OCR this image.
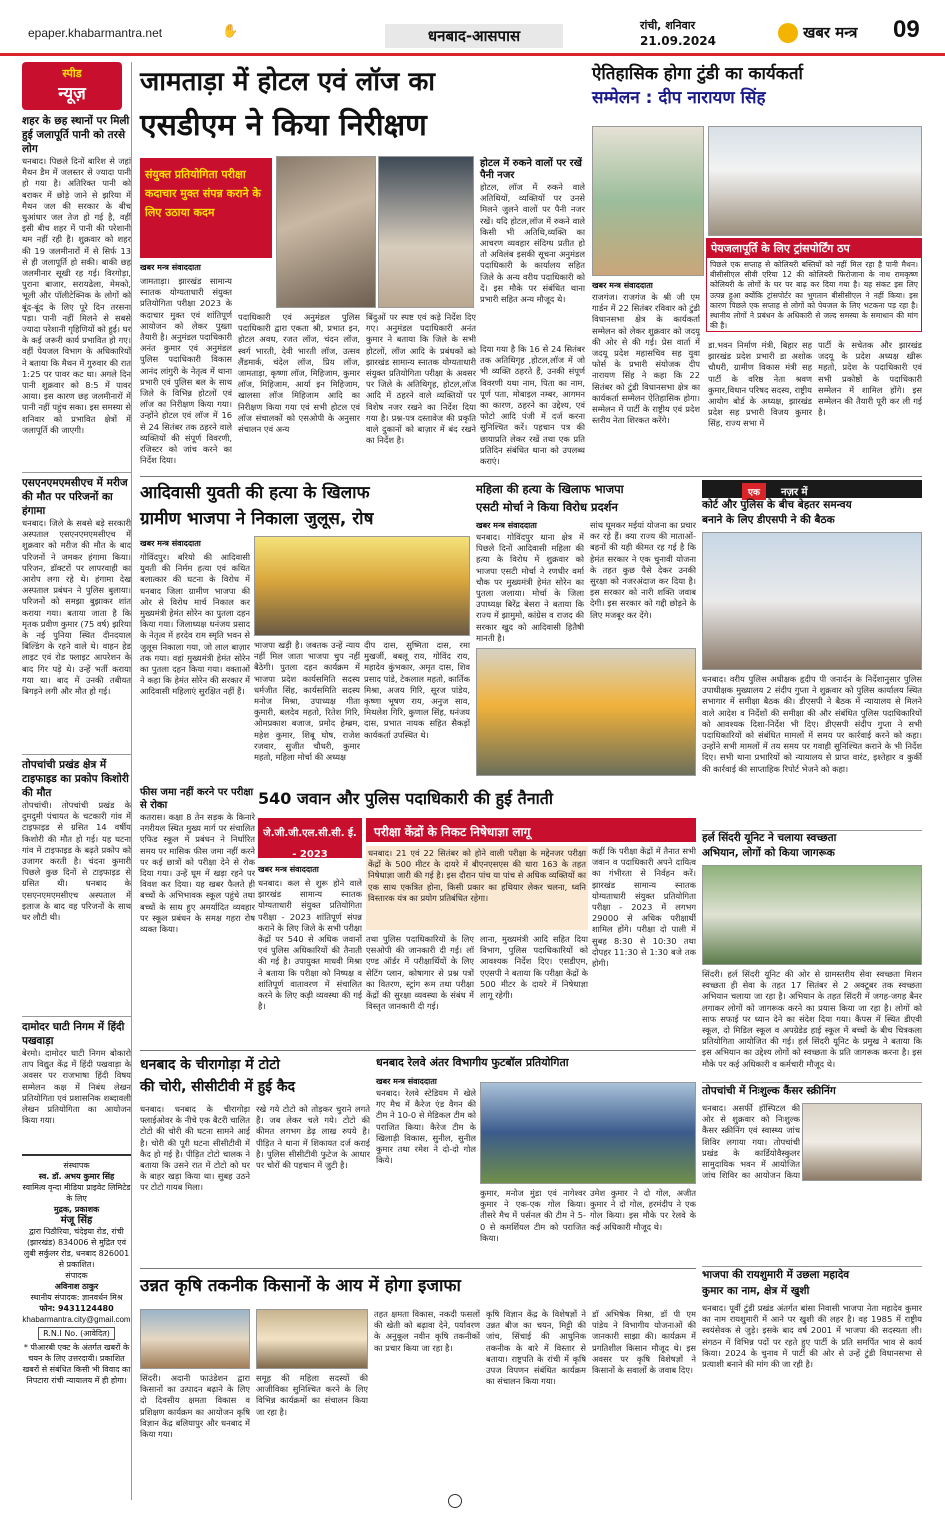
epaper.khabarmantra.net	✋	धनबाद-आसपास
रांची, शनिवार
21.09.2024	खबर मन्त्र 09
स्पीड
न्यूज़
शहर के छह स्थानों पर मिली हुई जलापूर्ति पानी को तरसे लोग
धनबाद। पिछले दिनों बारिश से जहां मैथन डैम में जलस्तर से ज्यादा पानी हो गया है। अतिरिक्त पानी को बराकर में छोड़े जाने से झरिया में मैथन जल की सरकार के बीच धुआंधार जल तेज हो गई है, वहीं इसी बीच शहर में पानी की परेशानी थम नहीं रही है। शुक्रवार को शहर की 19 जलमीनारों में से सिर्फ 13 से ही जलापूर्ति हो सकी। बाकी छह जलमीनार सूखी रह गई। विरगोड़ा, पुराना बाजार, सरायढेला, मेमको, भूली और पॉलीटेक्निक के लोगों को बूंद-बूंद के लिए पूरे दिन तरसना पड़ा। पानी नहीं मिलने से सबसे ज्यादा परेशानी गृहिणियों को हुई। घर के कई जरूरी कार्य प्रभावित हो गए। वहीं पेयजल विभाग के अधिकारियों ने बताया कि मैथन में गुरुवार की रात 1:25 पर पावर कट था। अगले दिन पानी शुक्रवार को 8:5 में पावर आया। इस कारण छह जलमीनारों में पानी नहीं पहुंच सका। इस समस्या से शनिवार को प्रभावित क्षेत्रों में जलापूर्ति की जाएगी।
एसएनएमएमसीएच में मरीज की मौत पर परिजनों का हंगामा
धनबाद। जिले के सबसे बड़े सरकारी अस्पताल एसएनएमएमसीएच में शुक्रवार को मरीज की मौत के बाद परिजनों ने जमकर हंगामा किया। परिजन, डॉक्टरों पर लापरवाही का आरोप लगा रहे थे। हंगामा देख अस्पताल प्रबंधन ने पुलिस बुलाया। परिजनों को समझा बुझाकर शांत कराया गया। बताया जाता है कि मृतक प्रवीण कुमार (75 वर्ष) झरिया के नई पुनिया स्थित दीनदयाल बिल्डिंग के रहने वाले थे। वाहन हेड लाइट एवं रोड फ्लाइट आपरेशन के बाद गिर पड़े थे। उन्हें भर्ती कराया गया था। बाद में उनकी तबीयत बिगड़ने लगी और मौत हो गई।
तोपचांची प्रखंड क्षेत्र में टाइफाइड का प्रकोप किशोरी की मौत
तोपचांची। तोपचांची प्रखंड के दुमदुमी पंचायत के चटकारी गांव में टाइफाइड से ग्रसित 14 वर्षीय किशोरी की मौत हो गई। यह घटना गांव में टाइफाइड के बढ़ते प्रकोप को उजागर करती है। चंदना कुमारी पिछले कुछ दिनों से टाइफाइड से ग्रसित थी। धनबाद के एसएनएमएमसीएच अस्पताल में इलाज के बाद वह परिजनों के साथ घर लौटी थी।
दामोदर घाटी निगम में हिंदी पखवाड़ा
बेरमो। दामोदर घाटी निगम बोकारो ताप विद्युत केंद्र में हिंदी पखवाड़ा के अवसर पर राजभाषा हिंदी विषय सम्मेलन कक्ष में निबंध लेखन प्रतियोगिता एवं प्रशासनिक शब्दावली लेखन प्रतियोगिता का आयोजन किया गया।
संस्थापक
स्व. डॉ. अभय कुमार सिंह
स्वामित्व वृन्दा मीडिया प्राइवेट लिमिटेड के लिए
मुद्रक, प्रकाशक
मंजू सिंह
द्वारा पिठौरिया, चंदेइया रोड, रांची (झारखंड) 834006 से मुद्रित एवं लुबी सर्कुलर रोड, धनबाद 826001 से प्रकाशित।
संपादक
अविनाश ठाकुर
स्थानीय संपादक: ज्ञानवर्धन मिश्र
फोन: 9431124480
khabarmantra.city@gmail.com
R.N.I No. (आवेदित)
* पीआरबी एक्ट के अंतर्गत खबरों के चयन के लिए उत्तरदायी। प्रकाशित खबरों से संबंधित किसी भी विवाद का निपटारा रांची न्यायालय में ही होगा।
जामताड़ा में होटल एवं लॉज का
एसडीएम ने किया निरीक्षण
संयुक्त प्रतियोगिता परीक्षा कदाचार मुक्त संपन्न कराने के लिए उठाया कदम
होटल में रुकने वालों पर रखें पैनी नजर
होटल, लॉज में रुकने वाले अतिथियों, व्यक्तियों पर उनसे मिलने जुलने वालों पर पैनी नजर रखें। यदि होटल,लॉज में रुकने वाले किसी भी अतिथि,व्यक्ति का आचरण व्यवहार संदिग्ध प्रतीत हो तो अविलंब इसकी सूचना अनुमंडल पदाधिकारी के कार्यालय सहित जिले के अन्य वरीय पदाधिकारी को दें। इस मौके पर संबंधित थाना प्रभारी सहित अन्य मौजूद थे।
खबर मन्त्र संवाददाता
जामताड़ा। झारखंड सामान्य स्नातक योग्यताधारी संयुक्त प्रतियोगिता परीक्षा 2023 के कदाचार मुक्त एवं शांतिपूर्ण आयोजन को लेकर पुख्ता तैयारी है। अनुमंडल पदाधिकारी अनंत कुमार एवं अनुमंडल पुलिस पदाधिकारी विकास आनंद लांगुरी के नेतृत्व में थाना प्रभारी एवं पुलिस बल के साथ जिले के विभिन्न होटलों एवं लॉज का निरीक्षण किया गया। उन्होंने होटल एवं लॉज में 16 से 24 सितंबर तक ठहरने वाले व्यक्तियों की संपूर्ण विवरणी, रजिस्टर को जांच करने का निर्देश दिया।
पदाधिकारी एवं अनुमंडल पुलिस पदाधिकारी द्वारा एकता श्री, प्रभात इन, होटल अवध, रजत लॉज, चंदन लॉज, स्वर्ग भारती, देवी भारती लॉज, उत्सव लैंडमार्क, चंदेल लॉज, प्रिय लॉज, जामताड़ा, कृष्णा लॉज, मिहिजाम, कुमार लॉज, मिहिजाम, आर्या इन मिहिजाम, खालसा लॉज मिहिजाम आदि का निरीक्षण किया गया एवं सभी होटल एवं लॉज संचालकों को एसओपी के अनुसार संचालन एवं अन्य
बिंदुओं पर स्पष्ट एवं कड़े निर्देश दिए गए। अनुमंडल पदाधिकारी अनंत कुमार ने बताया कि जिले के सभी होटलों, लॉज आदि के प्रबंधकों को झारखंड सामान्य स्नातक योग्यताधारी संयुक्त प्रतियोगिता परीक्षा के अवसर पर जिले के अतिथिगृह, होटल,लॉज आदि में ठहरने वाले व्यक्तियों पर विशेष नजर रखने का निर्देश दिया गया है। प्रश्न-पत्र दस्तावेज की प्रकृति वाले दुकानों को बाज़ार में बंद रखने का निर्देश है।
दिया गया है कि 16 से 24 सितंबर तक अतिथिगृह ,होटल,लॉज में जो भी व्यक्ति ठहरते हैं, उनकी संपूर्ण विवरणी यथा नाम, पिता का नाम, पूर्ण पता, मोबाइल नम्बर, आगमन का कारण, ठहरने का उद्देश्य, एवं फोटो आदि पंजी में दर्ज करना सुनिश्चित करें। पहचान पत्र की छायाप्रति लेकर रखें तथा एक प्रति प्रतिदिन संबंधित थाना को उपलब्ध कराएं।
ऐतिहासिक होगा टुंडी का कार्यकर्ता
सम्मेलन : दीप नारायण सिंह
खबर मन्त्र संवाददाता
राजगंज। राजगंज के श्री जी एम गार्डन में 22 सितंबर रविवार को टुंडी विधानसभा क्षेत्र के कार्यकर्ता सम्मेलन को लेकर शुक्रवार को जदयू की ओर से की गई। प्रेस वार्ता में जदयू प्रदेश महासचिव सह युवा फोर्स के प्रभारी संयोजक दीप नारायण सिंह ने कहा कि 22 सितंबर को टुंडी विधानसभा क्षेत्र का कार्यकर्ता सम्मेलन ऐतिहासिक होगा। सम्मेलन में पार्टी के राष्ट्रीय एवं प्रदेश स्तरीय नेता शिरकत करेंगे।
पेयजलापूर्ति के लिए ट्रांसपोर्टिंग ठप
पिछले एक सप्ताह से कोलियरी बस्तियों को नहीं मिल रहा है पानी मैथन। बीसीसीएल सीवी एरिया 12 की कोलियरी फिरोजाना के नाथ रामकृष्ण कोलियरी के लोगों के घर पर बाढ़ कर दिया गया है। यह संकट इस लिए उत्पन्न हुआ क्योंकि ट्रांसपोर्टर का भुगतान बीसीसीएल ने नहीं किया। इस कारण पिछले एक सप्ताह से लोगों को पेयजल के लिए भटकना पड़ रहा है। स्थानीय लोगों ने प्रबंधन के अधिकारी से जल्द समस्या के समाधान की मांग की है।
डा.भवन निर्माण मंत्री, बिहार सह झारखंड प्रदेश प्रभारी डा अशोक चौधरी, ग्रामीण विकास मंत्री सह पार्टी के वरिष्ठ नेता श्रवण कुमार,विधान परिषद सदस्य, राष्ट्रीय आयोग बोर्ड के अध्यक्ष, झारखंड प्रदेश सह प्रभारी विजय कुमार सिंह, राज्य सभा में
पार्टी के सचेतक और झारखंड जदयू के प्रदेश अध्यक्ष खीरू महतो, प्रदेश के पदाधिकारी एवं सभी प्रकोष्ठों के पदाधिकारी सम्मेलन में शामिल होंगे। इस सम्मेलन की तैयारी पूरी कर ली गई है।
आदिवासी युवती की हत्या के खिलाफ
ग्रामीण भाजपा ने निकाला जुलूस, रोष
खबर मन्त्र संवाददाता
गोविंदपुर। बरियो की आदिवासी युवती की निर्मम हत्या एवं कथित बलात्कार की घटना के विरोध में धनबाद जिला ग्रामीण भाजपा की ओर से विरोध मार्च निकाल कर मुख्यमंत्री हेमंत सोरेन का पुतला दहन किया गया। जिलाध्यक्ष धनंजय प्रसाद के नेतृत्व में हरदेव राम स्मृति भवन से जुलूस निकाला गया, जो लाल बाज़ार तक गया। वहां मुख्यमंत्री हेमंत सोरेन का पुतला दहन किया गया। वक्ताओं ने कहा कि हेमंत सोरेन की सरकार में आदिवासी महिलाएं सुरक्षित नहीं हैं।
भाजपा खड़ी है। जबतक उन्हें न्याय नहीं मिल जाता भाजपा चुप नहीं बैठेगी। पुतला दहन कार्यक्रम में भाजपा प्रदेश कार्यसमिति सदस्य धर्मजीत सिंह, कार्यसमिति सदस्य मनोज मिश्रा, उपाध्यक्ष गीता कुमारी, बलदेव महतो, रितेश गिरि, ओमप्रकाश बजाज, प्रमोद हेम्ब्रम, महेश कुमार, शिबू घोष, राजेश रजवार, सुजीत चौधरी, कुमार महतो, महिला मोर्चा की अध्यक्ष
दीप दास, सुष्मिता दास, रमा मुखर्जी, बबलू राय, गोविंद राय, महादेव कुंभकार, अमृत दास, शिव प्रसाद पांडे, टेकलाल महतो, कार्तिक मिश्रा, अजय गिरि, सूरज पांडेय, कृष्णा भूषण राय, अनुज साव, मिथलेश गिरि, कुणाल सिंह, धनंजय दास, प्रभात नायक सहित सैकड़ों कार्यकर्ता उपस्थित थे।
महिला की हत्या के खिलाफ भाजपा
एसटी मोर्चा ने किया विरोध प्रदर्शन
खबर मन्त्र संवाददाता
धनबाद। गोविंदपुर थाना क्षेत्र में पिछले दिनों आदिवासी महिला की हत्या के विरोध में शुक्रवार को भाजपा एसटी मोर्चा ने रणधीर वर्मा चौक पर मुख्यमंत्री हेमंत सोरेन का पुतला जलाया। मोर्चा के जिला उपाध्यक्ष बिरेंद्र बेसरा ने बताया कि राज्य में झामुमो, कांग्रेस व राजद की सरकार खुद को आदिवासी हितैषी मानती है।
सांथ घूमकर मईयां योजना का प्रचार कर रहे हैं। क्या राज्य की माताओं-बहनों की यही कीमत रह गई है कि हेमंत सरकार ने एक चुनावी योजना के तहत कुछ पैसे देकर उनकी सुरक्षा को नजरअंदाज कर दिया है। इस सरकार को नारी शक्ति जवाब देगी। इस सरकार को गद्दी छोड़ने के लिए मजबूर कर देंगे।
एक नज़र में
कोर्ट और पुलिस के बीच बेहतर समन्वय
बनाने के लिए डीएसपी ने की बैठक
धनबाद। वरीय पुलिस अधीक्षक हृदीप पी जनार्दन के निर्देशानुसार पुलिस उपाधीक्षक मुख्यालय 2 संदीप गुप्ता ने शुक्रवार को पुलिस कार्यालय स्थित सभागार में समीक्षा बैठक की। डीएसपी ने बैठक में न्यायालय से मिलने वाले आदेश व निर्देशों की समीक्षा की और संबंधित पुलिस पदाधिकारियों को आवश्यक दिशा-निर्देश भी दिए। डीएसपी संदीप गुप्ता ने सभी पदाधिकारियों को संबंधित मामलों में समय पर कार्रवाई करने को कहा। उन्होंने सभी मामलों में तय समय पर गवाही सुनिश्चित कराने के भी निर्देश दिए। सभी थाना प्रभारियों को न्यायालय से प्राप्त वारंट, इश्तेहार व कुर्की की कार्रवाई की साप्ताहिक रिपोर्ट भेजने को कहा।
फीस जमा नहीं करने पर परीक्षा से रोका
कतरास। कक्षा 8 तेन सड़क के किनारे नगरीयल स्थित मुख्य मार्ग पर संचालित एफिड स्कूल में प्रबंधन ने निर्धारित समय पर मासिक फीस जमा नहीं करने पर कई छात्रों को परीक्षा देने से रोक दिया गया। उन्हें घूम में खड़ा रहने पर विवश कर दिया। यह खबर फैलते ही बच्चों के अभिभावक स्कूल पहुंचे तथा बच्चों के साथ हुए अमर्यादित व्यवहार पर स्कूल प्रबंधन के समक्ष गहरा रोष व्यक्त किया।
540 जवान और पुलिस पदाधिकारी की हुई तैनाती
जे.जी.जी.एल.सी.सी. ई. - 2023
परीक्षा केंद्रों के निकट निषेधाज्ञा लागू
धनबाद। 21 एवं 22 सितंबर को होने वाली परीक्षा के मद्देनजर परीक्षा केंद्रों के 500 मीटर के दायरे में बीएनएसएस की धारा 163 के तहत निषेधाज्ञा जारी की गई है। इस दौरान पांच या पांच से अधिक व्यक्तियों का एक साथ एकत्रित होना, किसी प्रकार का हथियार लेकर चलना, ध्वनि विस्तारक यंत्र का प्रयोग प्रतिबंधित रहेगा।
खबर मन्त्र संवाददाता
धनबाद। कल से शुरू होने वाले झारखंड सामान्य स्नातक योग्यताधारी संयुक्त प्रतियोगिता परीक्षा - 2023 शांतिपूर्ण संपन्न कराने के लिए जिले के सभी परीक्षा केंद्रों पर 540 से अधिक जवानों एवं पुलिस अधिकारियों की तैनाती की गई है। उपायुक्त माधवी मिश्रा ने बताया कि परीक्षा को निष्पक्ष व शांतिपूर्ण वातावरण में संचालित करने के लिए कड़ी व्यवस्था की गई है।
तथा पुलिस पदाधिकारियों के लिए एसओपी की जानकारी दी गई। लॉ एण्ड ऑर्डर में परीक्षार्थियों के लिए सेटिंग प्लान, कोषागार से प्रश्न पत्रों का वितरण, स्ट्रांग रूम तथा परीक्षा केंद्रों की सुरक्षा व्यवस्था के संबंध में विस्तृत जानकारी दी गई।
लाना, मुख्यमंत्री आदि सहित दिया विभाग, पुलिस पदाधिकारियों को आवश्यक निर्देश दिए। एसडीएम, एएसपी ने बताया कि परीक्षा केंद्रों के 500 मीटर के दायरे में निषेधाज्ञा लागू रहेगी।
कहीं कि परीक्षा केंद्रों में तैनात सभी जवान व पदाधिकारी अपने दायित्व का गंभीरता से निर्वहन करें। झारखंड सामान्य स्नातक योग्यताधारी संयुक्त प्रतियोगिता परीक्षा - 2023 में लगभग 29000 से अधिक परीक्षार्थी शामिल होंगे। परीक्षा दो पाली में सुबह 8:30 से 10:30 तथा दोपहर 11:30 से 1:30 बजे तक होगी।
हर्ल सिंदरी यूनिट ने चलाया स्वच्छता
अभियान, लोगों को किया जागरूक
सिंदरी। हर्ल सिंदरी यूनिट की ओर से ग्रामस्तरीय सेवा स्वच्छता मिशन स्वच्छता ही सेवा के तहत 17 सितंबर से 2 अक्टूबर तक स्वच्छता अभियान चलाया जा रहा है। अभियान के तहत सिंदरी में जगह-जगह बैनर लगाकर लोगों को जागरूक करने का प्रयास किया जा रहा है। लोगों को साफ सफाई पर ध्यान देने का संदेश दिया गया। कैंपस में स्थित डीएवी स्कूल, दो मिडिल स्कूल व अपग्रेडेड हाई स्कूल में बच्चों के बीच चित्रकला प्रतियोगिता आयोजित की गई। हर्ल सिंदरी यूनिट के प्रमुख ने बताया कि इस अभियान का उद्देश्य लोगों को स्वच्छता के प्रति जागरूक करना है। इस मौके पर कई अधिकारी व कर्मचारी मौजूद थे।
धनबाद के चीरागोड़ा में टोटो
की चोरी, सीसीटीवी में हुई कैद
धनबाद। धनबाद के चीरागोड़ा फ्लाईओवर के नीचे एक बैटरी चालित टोटो की चोरी की घटना सामने आई है। चोरी की पूरी घटना सीसीटीवी में कैद हो गई है। पीड़ित टोटो चालक ने बताया कि उसने रात में टोटो को घर के बाहर खड़ा किया था। सुबह उठने पर टोटो गायब मिला।
रखे गये टोटो को तोड़कर चुराने लगते हैं। जब लेकर चले गये। टोटो की कीमत लगभग डेढ़ लाख रुपये है। पीड़ित ने थाना में शिकायत दर्ज कराई है। पुलिस सीसीटीवी फुटेज के आधार पर चोरों की पहचान में जुटी है।
धनबाद रेलवे अंतर विभागीय फुटबॉल प्रतियोगिता
खबर मन्त्र संवाददाता
धनबाद। रेलवे स्टेडियम में खेले गए मैच में कैरेज एंड वैगन की टीम ने 10-0 से मेडिकल टीम को पराजित किया। कैरेज टीम के खिलाड़ी विकास, सुनील, सुनील कुमार तथा रमेश ने दो-दो गोल किये।
कुमार, मनोज मुंडा एवं नागेश्वर कुमार ने एक-एक गोल किया। तीसरे मैच में पर्सनल की टीम ने 5-0 से कमर्शियल टीम को पराजित किया।
उमेश कुमार ने दो गोल, अजीत कुमार ने दो गोल, हरमंदीप ने एक गोल किया। इस मौके पर रेलवे के कई अधिकारी मौजूद थे।
तोपचांची में निःशुल्क कैंसर स्क्रीनिंग
धनबाद। असर्फी हॉस्पिटल की ओर से शुक्रवार को निःशुल्क कैंसर स्क्रीनिंग एवं स्वास्थ्य जांच शिविर लगाया गया। तोपचांची प्रखंड के कार्डियोवैस्कुलर सामुदायिक भवन में आयोजित जांच शिविर का आयोजन किया
उन्नत कृषि तकनीक किसानों के आय में होगा इजाफा
सिंदरी। अदानी फाउंडेशन द्वारा किसानों का उत्पादन बढ़ाने के लिए दो दिवसीय क्षमता विकास व प्रशिक्षण कार्यक्रम का आयोजन कृषि विज्ञान केंद्र बलियापुर और धनबाद में किया गया।
समूह की महिला सदस्यों की आजीविका सुनिश्चित करने के लिए विभिन्न कार्यक्रमों का संचालन किया जा रहा है।
तहत क्षमता विकास, नकदी फसलों की खेती को बढ़ावा देने, पर्यावरण के अनुकूल नवीन कृषि तकनीकों का प्रचार किया जा रहा है।
कृषि विज्ञान केंद्र के विशेषज्ञों ने उन्नत बीज का चयन, मिट्टी की जांच, सिंचाई की आधुनिक तकनीक के बारे में विस्तार से बताया। राष्ट्रपति के रांची में कृषि उपज विपणन संबंधित कार्यक्रम का संचालन किया गया।
डॉ अभिषेक मिश्रा, डॉ पी एम पांडेय ने विभागीय योजनाओं की जानकारी साझा की। कार्यक्रम में प्रगतिशील किसान मौजूद थे। इस अवसर पर कृषि विशेषज्ञों ने किसानों के सवालों के जवाब दिए।
भाजपा की रायशुमारी में उछला महादेव
कुमार का नाम, क्षेत्र में खुशी
धनबाद। पूर्वी टुंडी प्रखंड अंतर्गत बांसा निवासी भाजपा नेता महादेव कुमार का नाम रायशुमारी में आने पर खुशी की लहर है। वह 1985 में राष्ट्रीय स्वयंसेवक से जुड़े। इसके बाद वर्ष 2001 में भाजपा की सदस्यता ली। संगठन में विभिन्न पदों पर रहते हुए पार्टी के प्रति समर्पित भाव से कार्य किया। 2024 के चुनाव में पार्टी की ओर से उन्हें टुंडी विधानसभा से प्रत्याशी बनाने की मांग की जा रही है।
